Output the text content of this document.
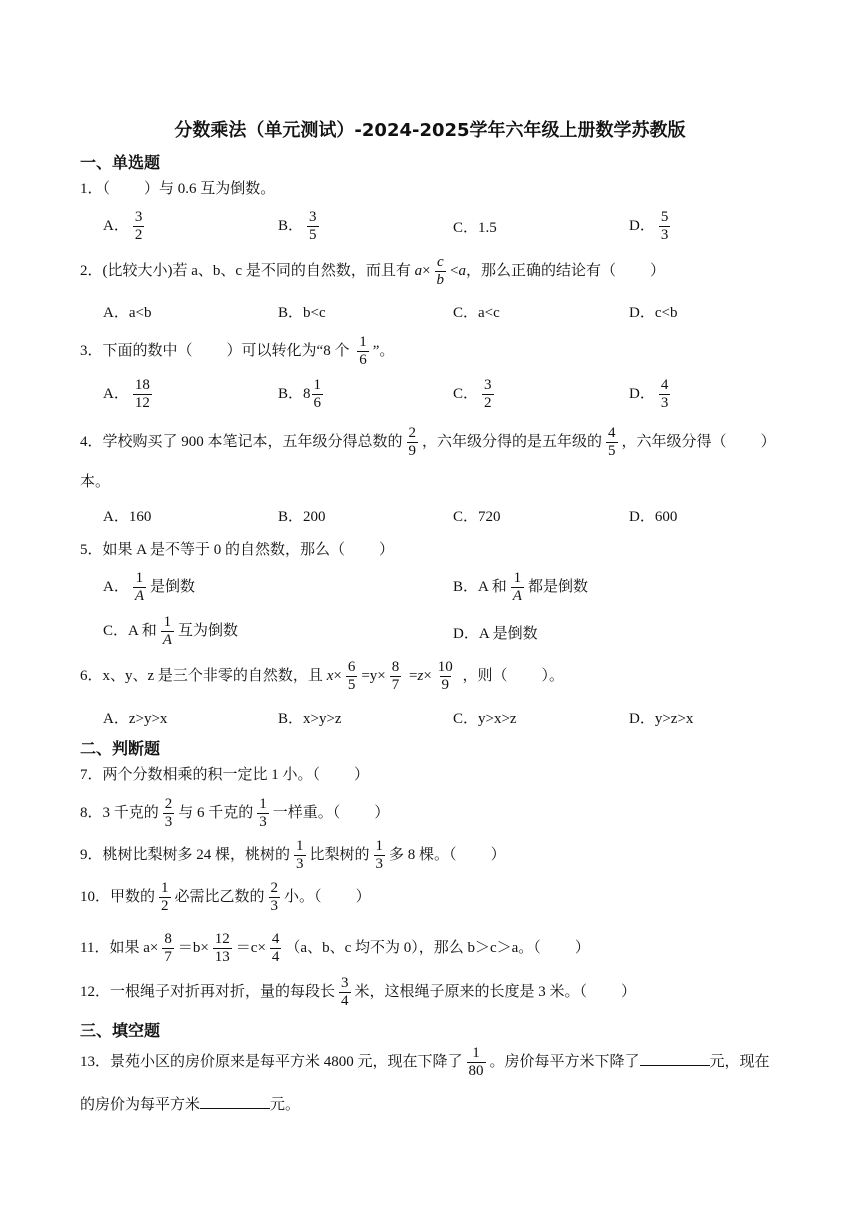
分数乘法（单元测试）-2024-2025学年六年级上册数学苏教版
一、单选题
1．（ ）与 0.6 互为倒数。
A． $\frac{3}{2}$	B． $\frac{3}{5}$	C．1.5	D． $\frac{5}{3}$
2．(比较大小)若 a、b、c 是不同的自然数，而且有 $a\times \frac{c}{b} <a$，那么正确的结论有（ ）
A．a<b	B．b<c	C．a<c	D．c<b
3．下面的数中（ ）可以转化为“8 个 $\frac{1}{6}$ ”。
A． $\frac{18}{12}$	B．$8 \frac{1}{6}$	C． $\frac{3}{2}$	D． $\frac{4}{3}$
4．学校购买了 900 本笔记本，五年级分得总数的 $\frac{2}{9}$ ，六年级分得的是五年级的 $\frac{4}{5}$ ，六年级分得（ ）
本。
A．160	B．200	C．720	D．600
5．如果 A 是不等于 0 的自然数，那么（ ）
A． $\frac{1}{A}$ 是倒数	B．A 和 $\frac{1}{A}$ 都是倒数
C．A 和 $\frac{1}{A}$ 互为倒数	D．A 是倒数
6．x、y、z 是三个非零的自然数，且 $x\times \frac{6}{5} =y\times \frac{8}{7} =z\times \frac{10}{9}$ ，则（ ）。
A．z>y>x	B．x>y>z	C．y>x>z	D．y>z>x
二、判断题
7．两个分数相乘的积一定比 1 小。（ ）
8．3 千克的 $\frac{2}{3}$ 与 6 千克的 $\frac{1}{3}$ 一样重。（ ）
9．桃树比梨树多 24 棵，桃树的 $\frac{1}{3}$ 比梨树的 $\frac{1}{3}$ 多 8 棵。（ ）
10．甲数的 $\frac{1}{2}$ 必需比乙数的 $\frac{2}{3}$ 小。（ ）
11．如果 $a\times \frac{8}{7} =b\times \frac{12}{13} =c\times \frac{4}{4} (a$、b、c 均不为 0），那么 b＞c＞a。（ ）
12．一根绳子对折再对折，量的每段长 $\frac{3}{4}$ 米，这根绳子原来的长度是 3 米。（ ）
三、填空题
13．景苑小区的房价原来是每平方米 4800 元，现在下降了 $\frac{1}{80}$ 。房价每平方米下降了	元，现在
的房价为每平方米	元。
